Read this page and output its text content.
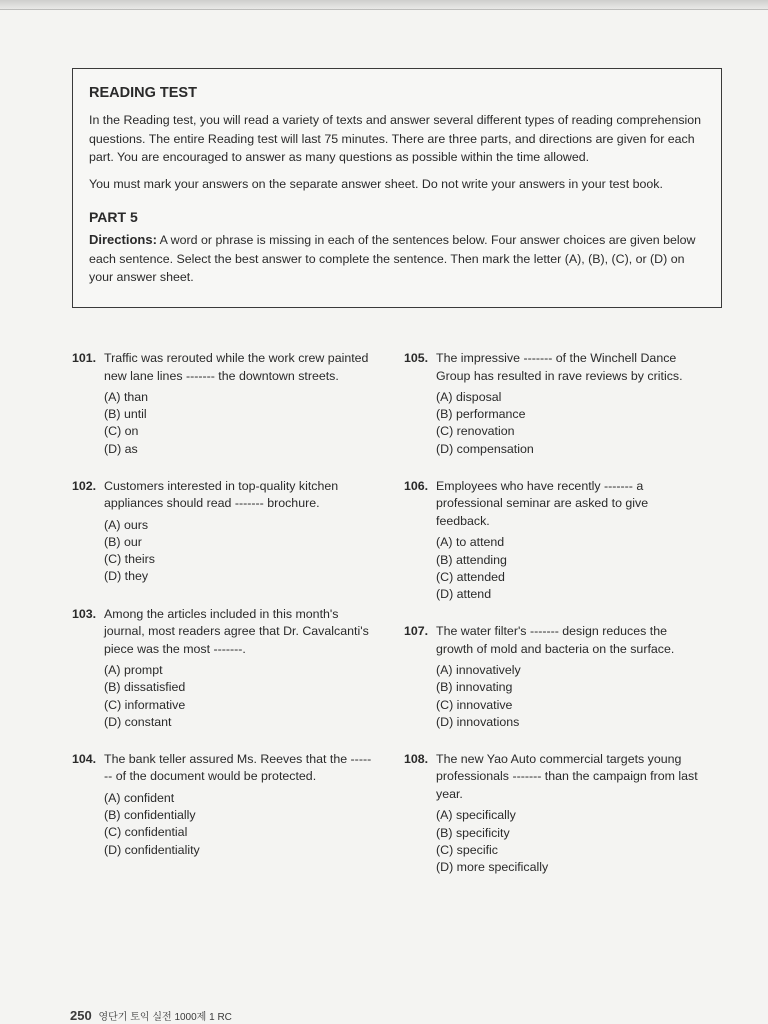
READING TEST

In the Reading test, you will read a variety of texts and answer several different types of reading comprehension questions. The entire Reading test will last 75 minutes. There are three parts, and directions are given for each part. You are encouraged to answer as many questions as possible within the time allowed.

You must mark your answers on the separate answer sheet. Do not write your answers in your test book.

PART 5

Directions: A word or phrase is missing in each of the sentences below. Four answer choices are given below each sentence. Select the best answer to complete the sentence. Then mark the letter (A), (B), (C), or (D) on your answer sheet.

101. Traffic was rerouted while the work crew painted new lane lines ------- the downtown streets.
(A) than
(B) until
(C) on
(D) as
102. Customers interested in top-quality kitchen appliances should read ------- brochure.
(A) ours
(B) our
(C) theirs
(D) they
103. Among the articles included in this month's journal, most readers agree that Dr. Cavalcanti's piece was the most -------.
(A) prompt
(B) dissatisfied
(C) informative
(D) constant
104. The bank teller assured Ms. Reeves that the ------- of the document would be protected.
(A) confident
(B) confidentially
(C) confidential
(D) confidentiality
105. The impressive ------- of the Winchell Dance Group has resulted in rave reviews by critics.
(A) disposal
(B) performance
(C) renovation
(D) compensation
106. Employees who have recently ------- a professional seminar are asked to give feedback.
(A) to attend
(B) attending
(C) attended
(D) attend
107. The water filter's ------- design reduces the growth of mold and bacteria on the surface.
(A) innovatively
(B) innovating
(C) innovative
(D) innovations
108. The new Yao Auto commercial targets young professionals ------- than the campaign from last year.
(A) specifically
(B) specificity
(C) specific
(D) more specifically
250 영단기 토익 실전 1000제 1 RC
